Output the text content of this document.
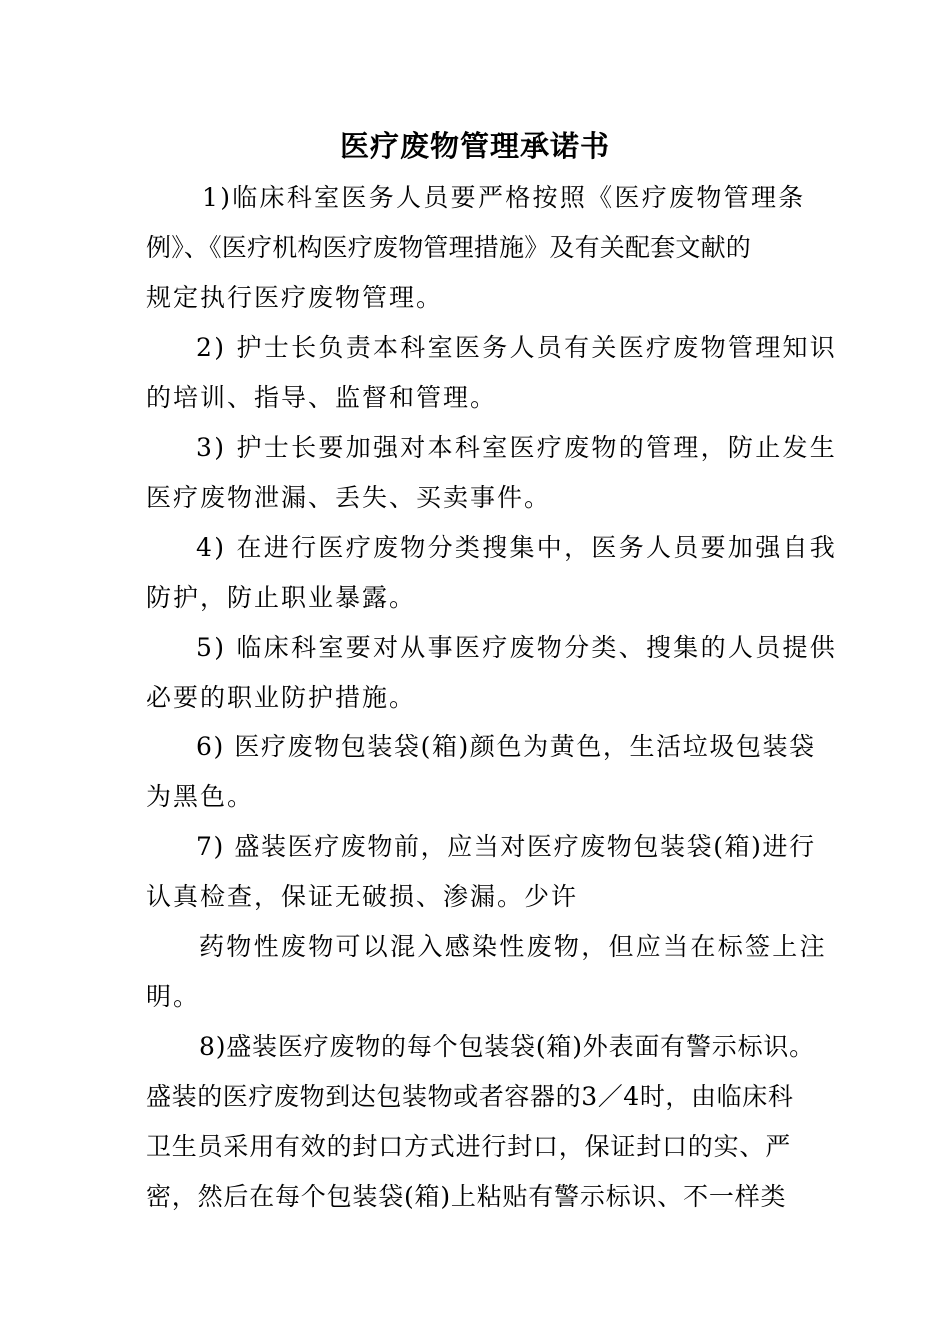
医疗废物管理承诺书
1)临床科室医务人员要严格按照《医疗废物管理条
例》、《医疗机构医疗废物管理措施》及有关配套文献的
规定执行医疗废物管理。
2) 护士长负责本科室医务人员有关医疗废物管理知识
的培训、指导、监督和管理。
3) 护士长要加强对本科室医疗废物的管理，防止发生
医疗废物泄漏、丢失、买卖事件。
4) 在进行医疗废物分类搜集中，医务人员要加强自我
防护，防止职业暴露。
5) 临床科室要对从事医疗废物分类、搜集的人员提供
必要的职业防护措施。
6) 医疗废物包装袋(箱)颜色为黄色，生活垃圾包装袋
为黑色。
7) 盛装医疗废物前，应当对医疗废物包装袋(箱)进行
认真检查，保证无破损、渗漏。少许
药物性废物可以混入感染性废物，但应当在标签上注
明。
8)盛装医疗废物的每个包装袋(箱)外表面有警示标识。
盛装的医疗废物到达包装物或者容器的3／4时，由临床科
卫生员采用有效的封口方式进行封口，保证封口的实、严
密，然后在每个包装袋(箱)上粘贴有警示标识、不一样类
